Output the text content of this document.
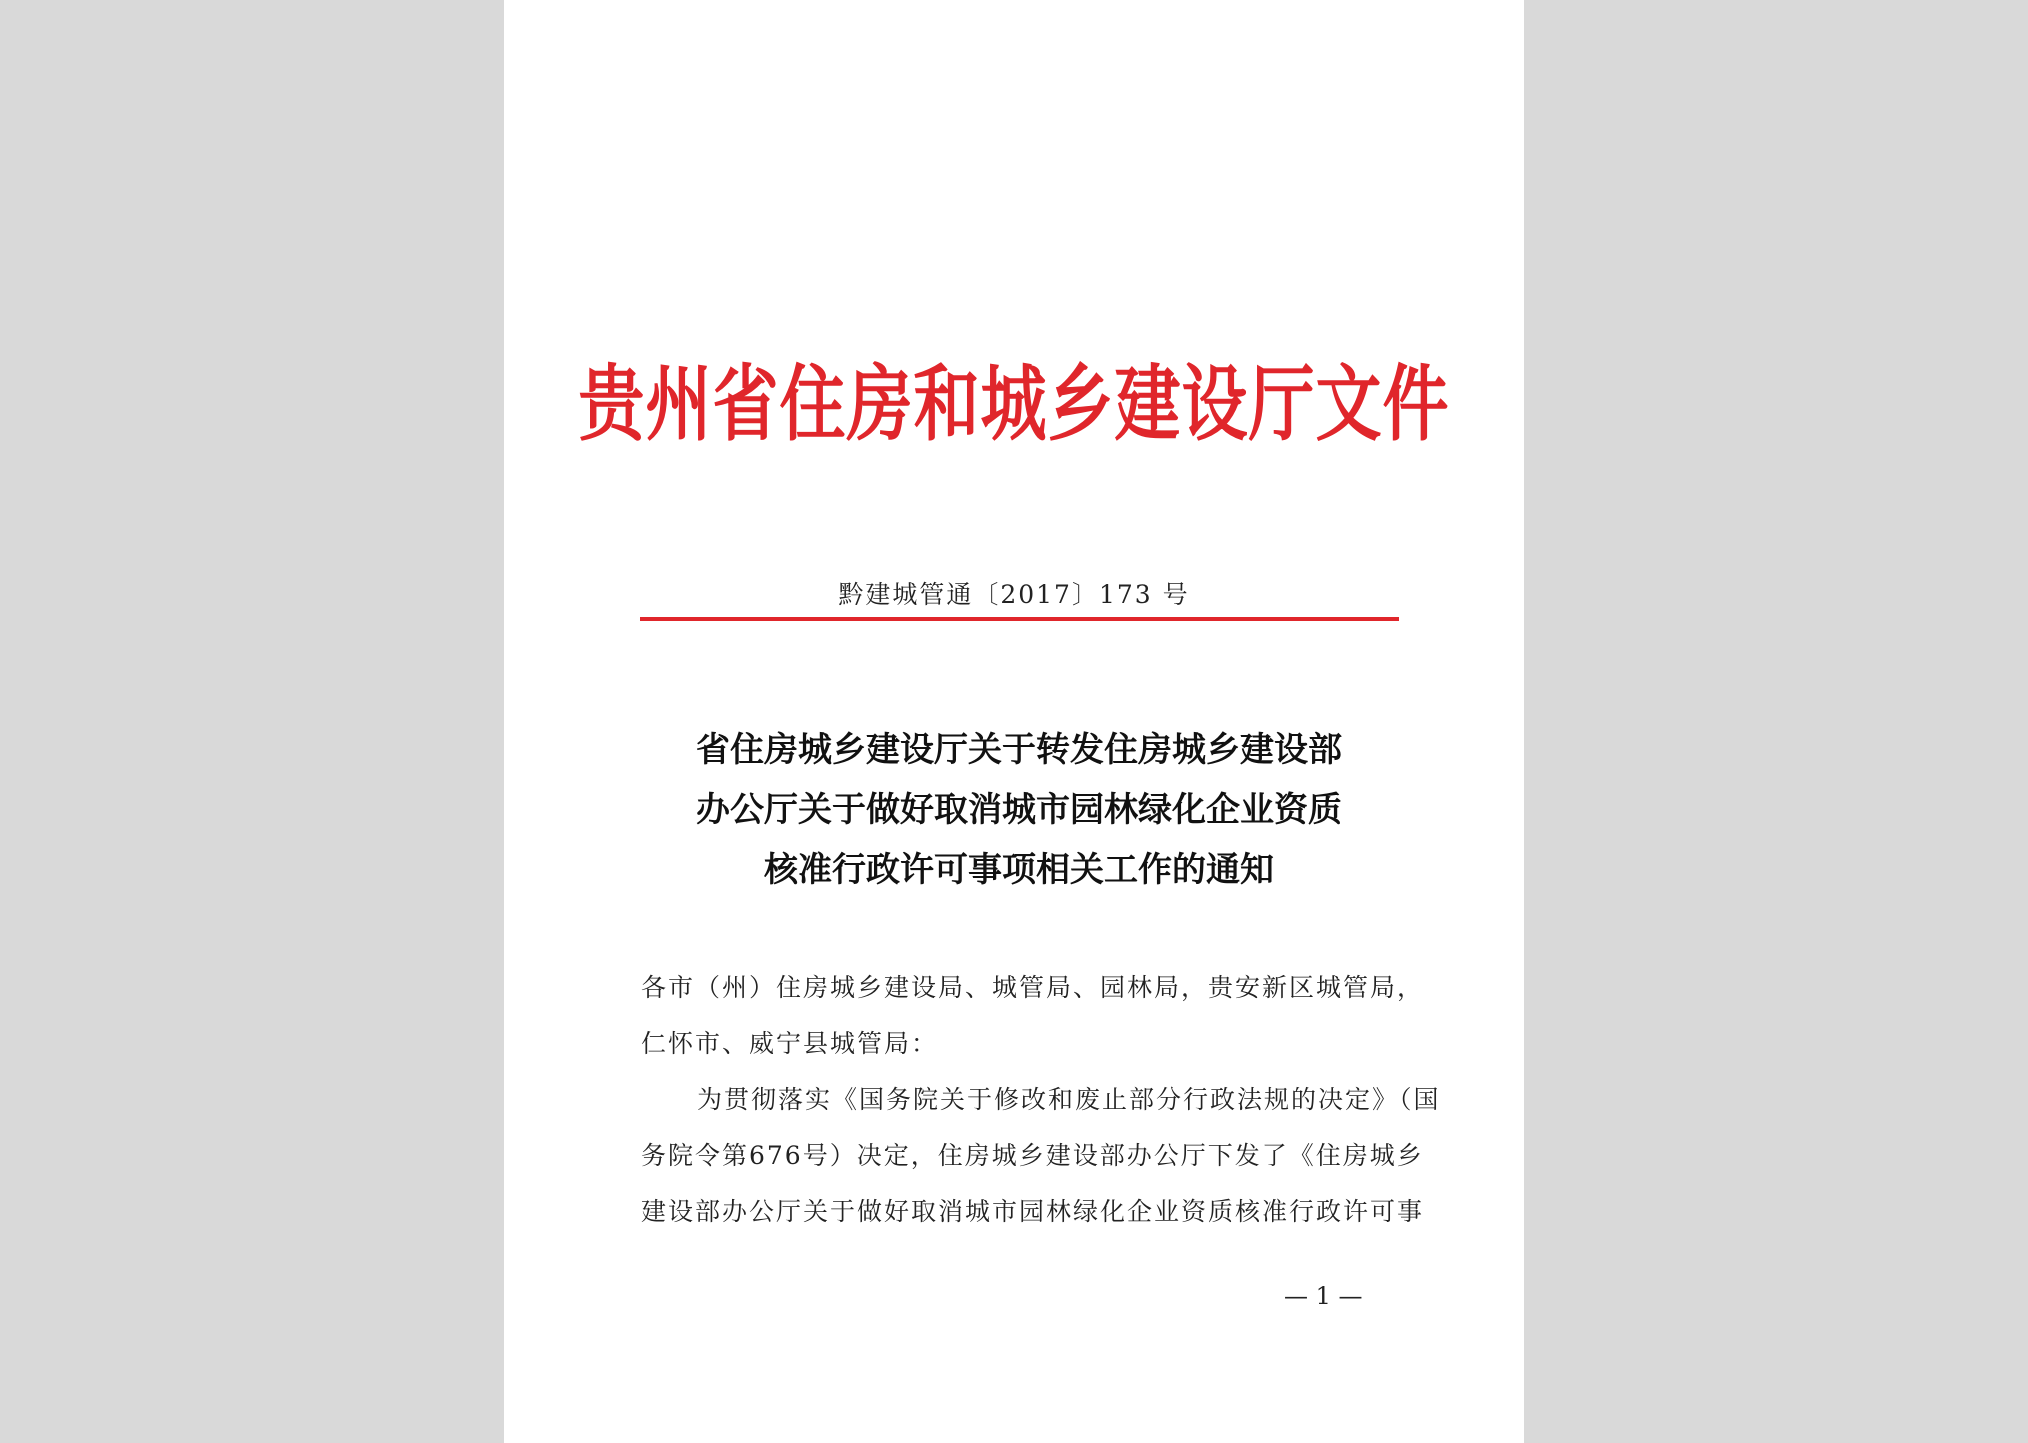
贵州省住房和城乡建设厅文件
黔建城管通〔2017〕173 号
省住房城乡建设厅关于转发住房城乡建设部
办公厅关于做好取消城市园林绿化企业资质
核准行政许可事项相关工作的通知
各市（州）住房城乡建设局、城管局、园林局，贵安新区城管局，
仁怀市、威宁县城管局：
为贯彻落实《国务院关于修改和废止部分行政法规的决定》（国
务院令第676号）决定，住房城乡建设部办公厅下发了《住房城乡
建设部办公厅关于做好取消城市园林绿化企业资质核准行政许可事
— 1 —
